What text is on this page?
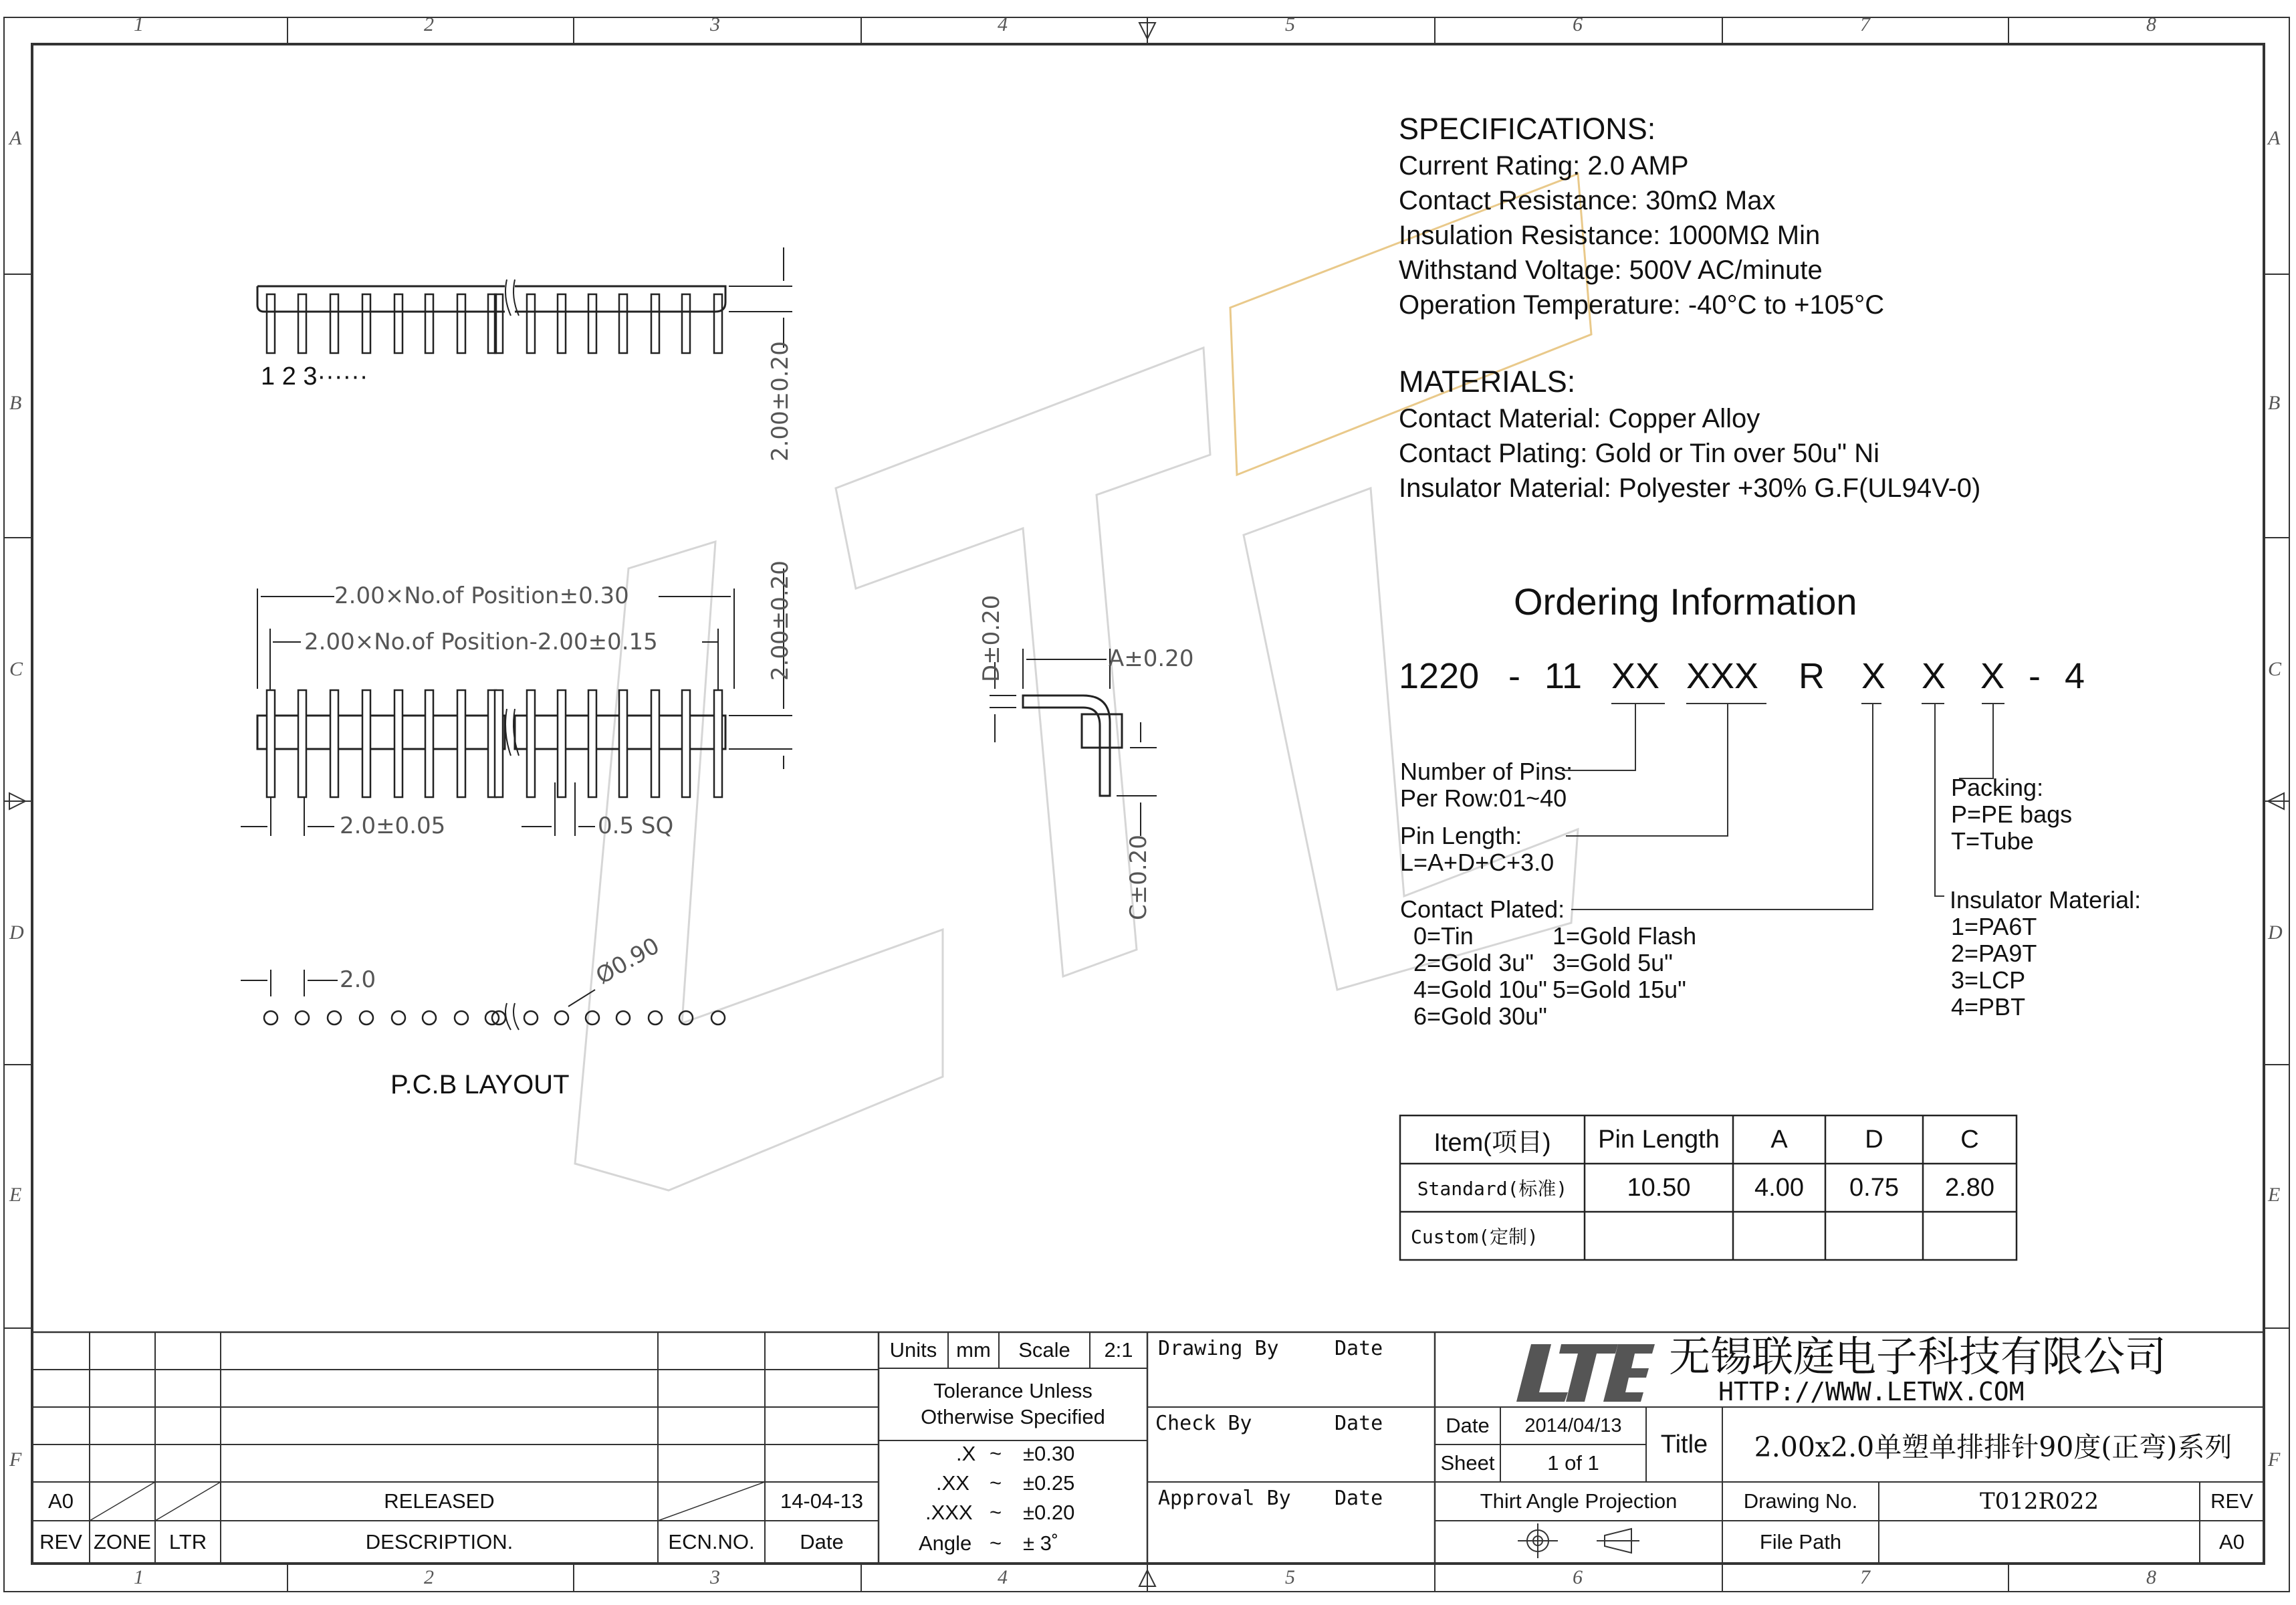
1	2	3	4	5	6	7	8
1	2	3	4	5	6	7	8
A
B
C
D
E
F
A
B
C
D
E
F
SPECIFICATIONS:
Current Rating: 2.0 AMP
Contact Resistance: 30mΩ Max
Insulation Resistance: 1000MΩ Min
Withstand Voltage: 500V AC/minute
Operation Temperature: -40°C to +105°C
MATERIALS:
Contact Material: Copper Alloy
Contact Plating: Gold or Tin over 50u" Ni
Insulator Material: Polyester +30% G.F(UL94V-0)
Ordering Information
1220 - 11 XX XXX R X X X - 4
Number of Pins:
Per Row:01~40
Pin Length:
L=A+D+C+3.0
Contact Plated:
0=Tin	1=Gold Flash
2=Gold 3u" 3=Gold 5u"
4=Gold 10u" 5=Gold 15u"
6=Gold 30u"
Packing:
P=PE bags
T=Tube
Insulator Material:
1=PA6T
2=PA9T
3=LCP
4=PBT
1 2 3······	2.00±0.20
2.00×No.of Position±0.30
2.00×No.of Position-2.00±0.15	2.00±0.20
2.0±0.05	0.5 SQ
D±0.20	A±0.20
C±0.20
2.0	Ø0.90
P.C.B LAYOUT
Item(项目)	Pin Length	A	D	C
Standard(标准)	10.50	4.00	0.75	2.80
Custom(定制)
A0	RELEASED	14-04-13
REV ZONE LTR	DESCRIPTION.	ECN.NO.	Date
Units mm	Scale	2:1
Tolerance Unless Otherwise Specified
.X ~ ±0.30
.XX ~ ±0.25
.XXX ~ ±0.20
Angle ~ ± 3˚
Drawing By	Date
Check By	Date
Approval By Date
无锡联庭电子科技有限公司
HTTP://WWW.LETWX.COM
Date	2014/04/13
Sheet	1 of 1
Title	2.00x2.0单塑单排排针90度(正弯)系列
Thirt Angle Projection	Drawing No.	T012R022	REV
File Path	A0
